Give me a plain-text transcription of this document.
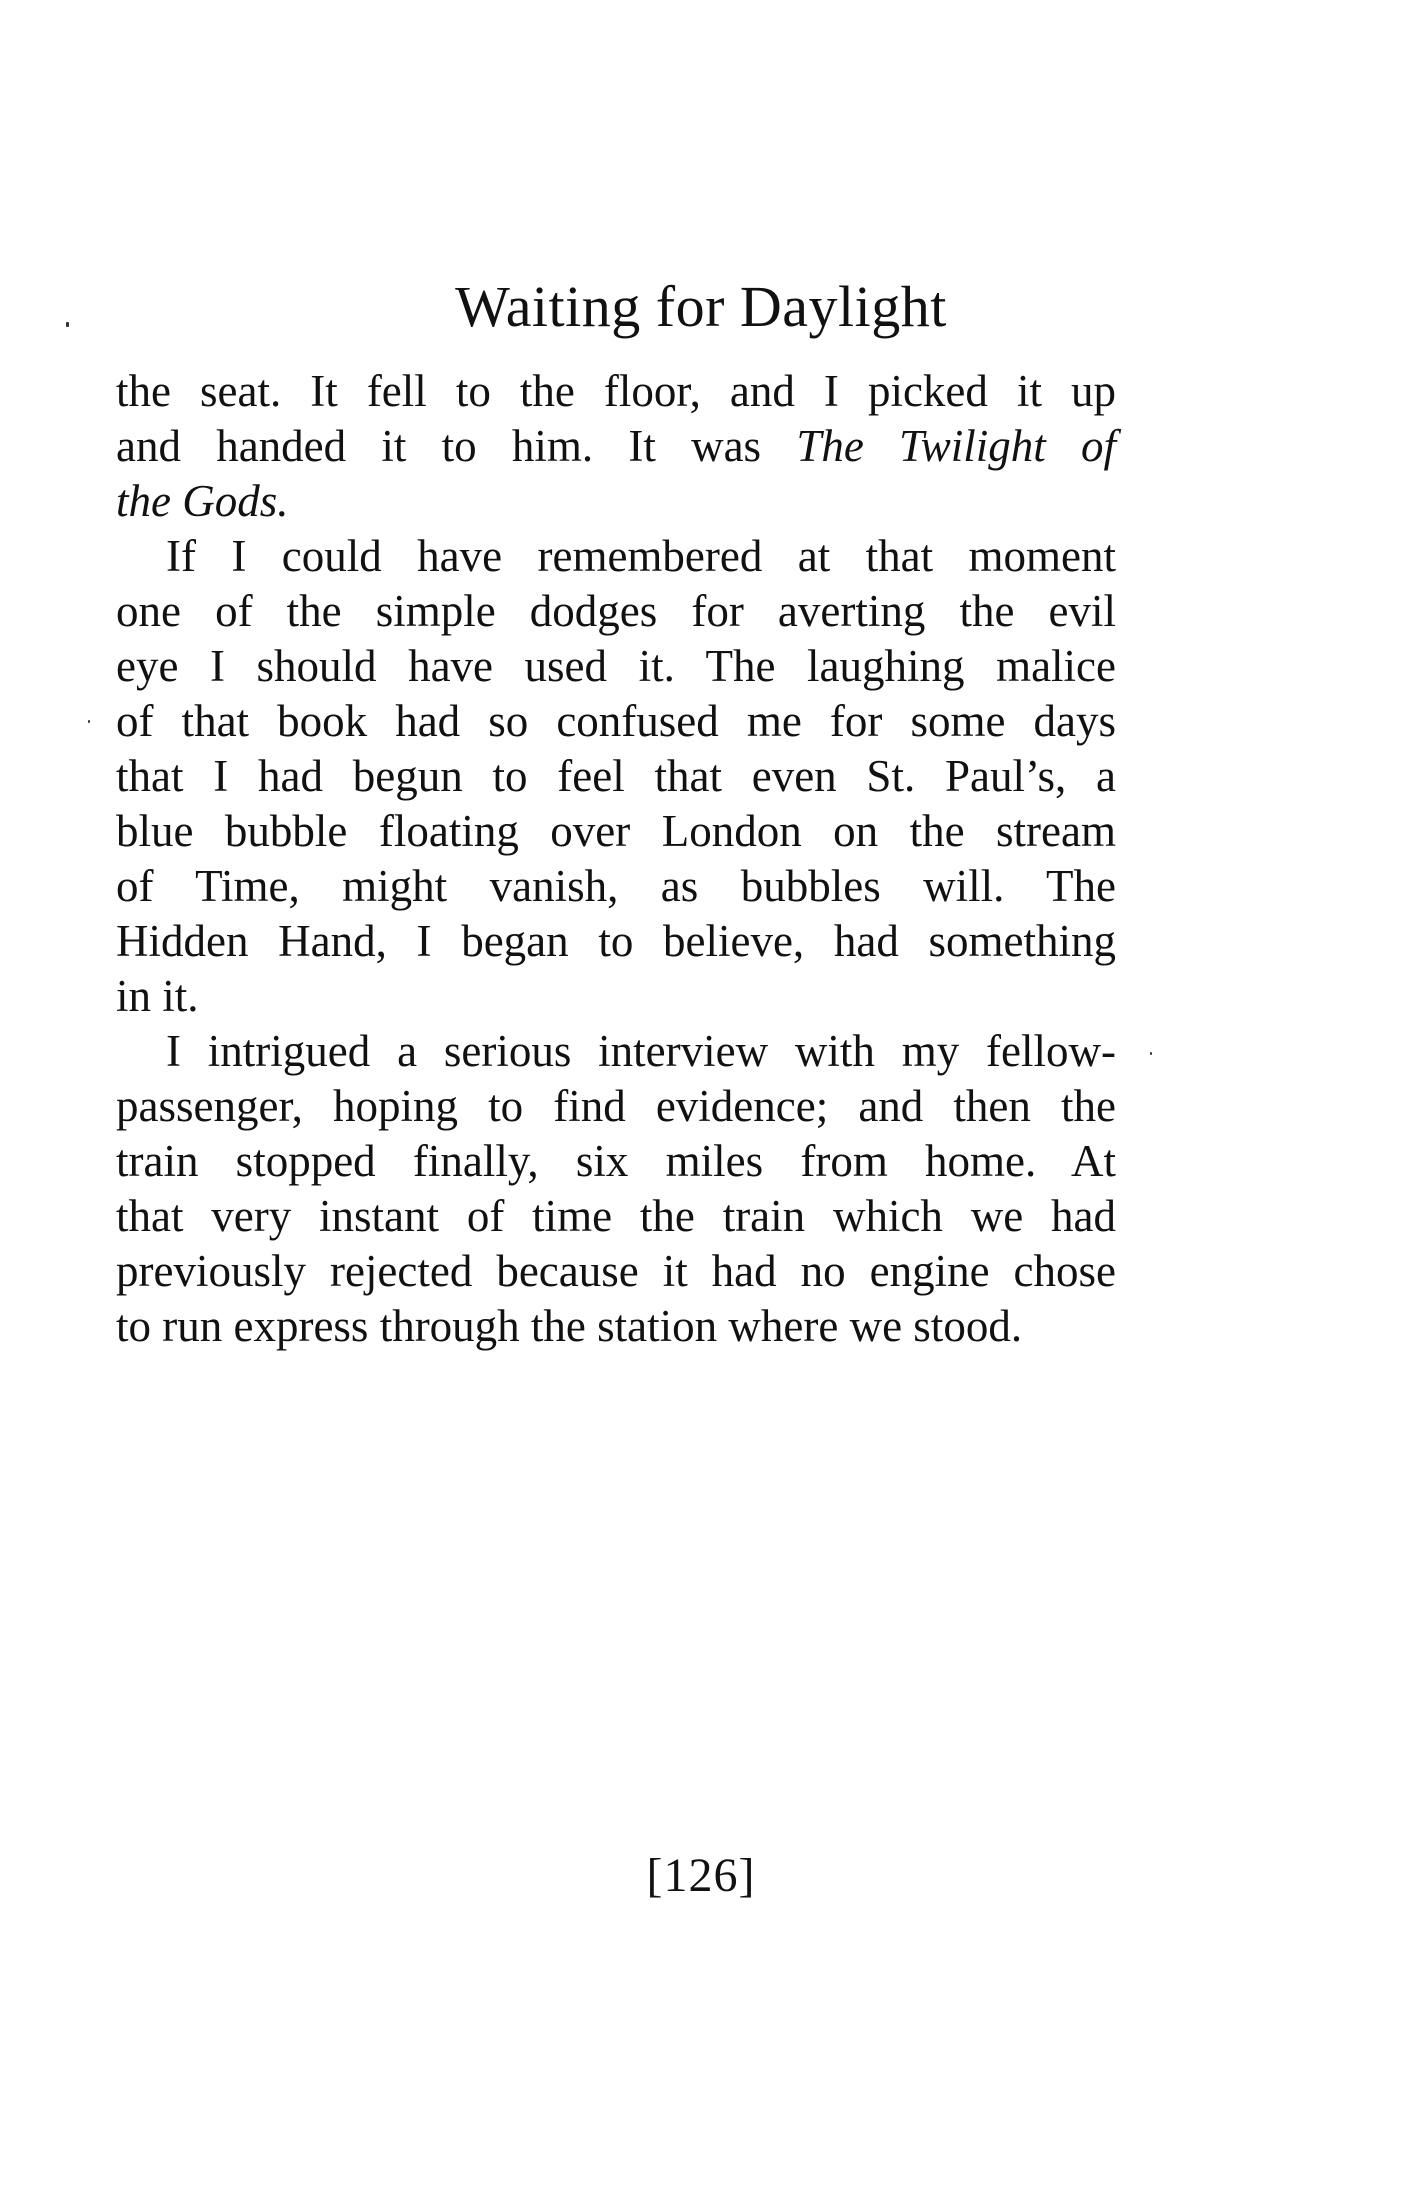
Waiting for Daylight
the seat. It fell to the floor, and I picked it up
and handed it to him. It was The Twilight of
the Gods.
If I could have remembered at that moment
one of the simple dodges for averting the evil
eye I should have used it. The laughing malice
of that book had so confused me for some days
that I had begun to feel that even St. Paul’s, a
blue bubble floating over London on the stream
of Time, might vanish, as bubbles will. The
Hidden Hand, I began to believe, had something
in it.
I intrigued a serious interview with my fellow-
passenger, hoping to find evidence; and then the
train stopped finally, six miles from home. At
that very instant of time the train which we had
previously rejected because it had no engine chose
to run express through the station where we stood.
[126]
